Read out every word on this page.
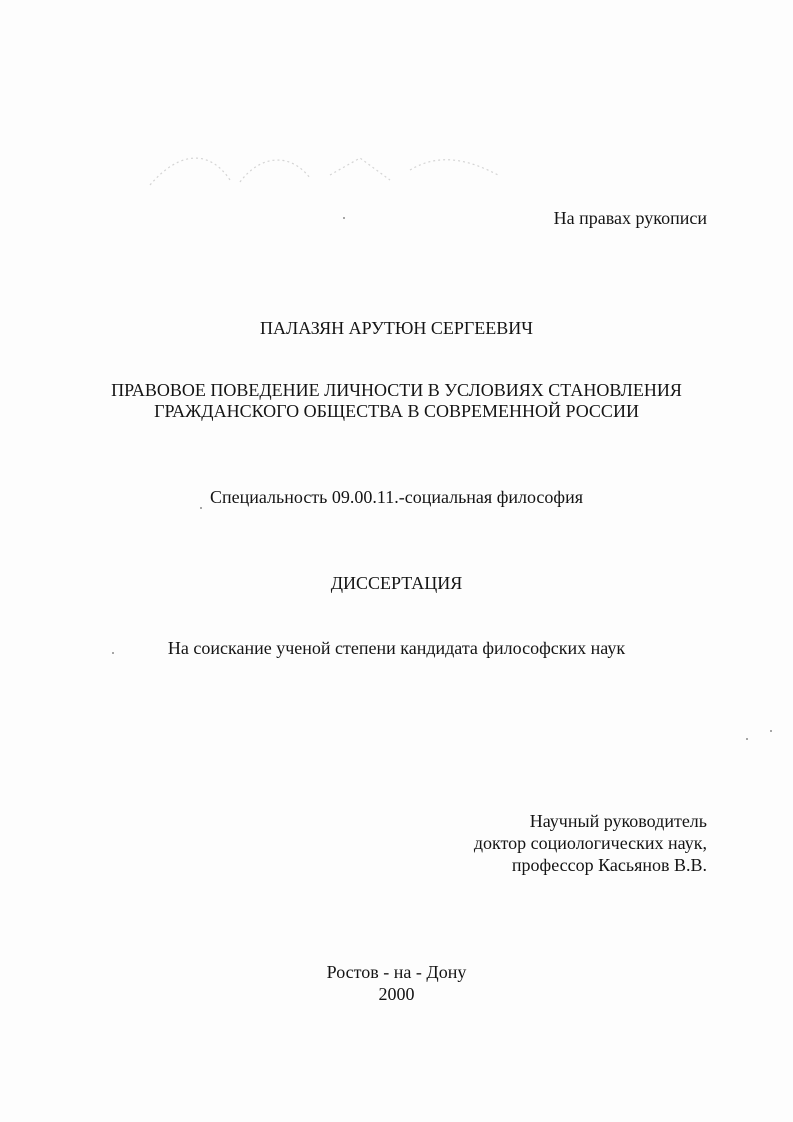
На правах рукописи
ПАЛАЗЯН АРУТЮН СЕРГЕЕВИЧ
ПРАВОВОЕ ПОВЕДЕНИЕ ЛИЧНОСТИ В УСЛОВИЯХ СТАНОВЛЕНИЯ
ГРАЖДАНСКОГО ОБЩЕСТВА В СОВРЕМЕННОЙ РОССИИ
Специальность 09.00.11.-социальная философия
ДИССЕРТАЦИЯ
На соискание ученой степени кандидата философских наук
Научный руководитель
доктор социологических наук,
профессор Касьянов В.В.
Ростов - на - Дону
2000
